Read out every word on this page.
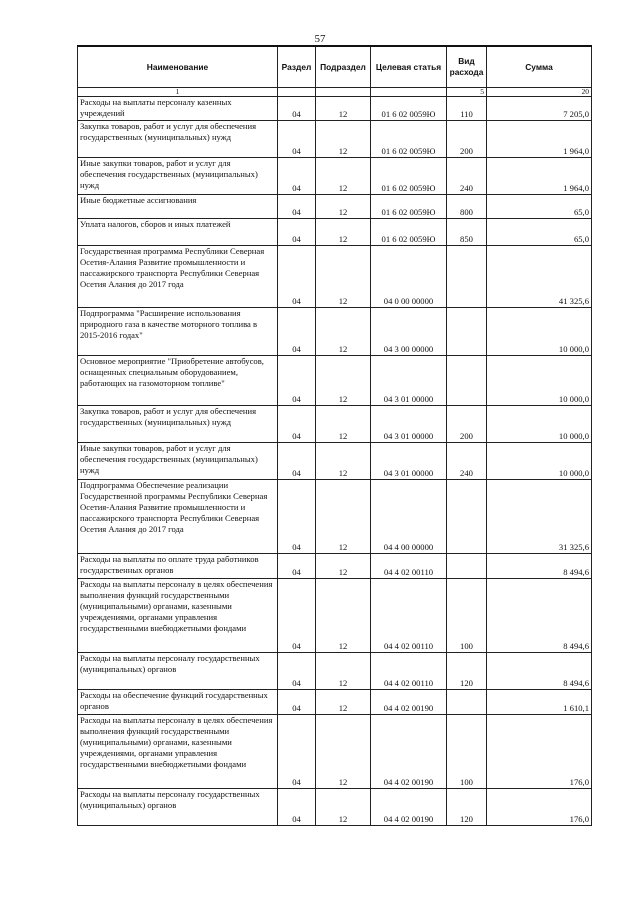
57
Наименование	Раздел	Подраздел	Целевая статья	Вид расхода	Сумма
1				5	20
Расходы на выплаты персоналу казенных учреждений	04	12	01 6 02 0059Ю	110	7 205,0
Закупка товаров, работ и услуг для обеспечения государственных (муниципальных) нужд	04	12	01 6 02 0059Ю	200	1 964,0
Иные закупки товаров, работ и услуг для обеспечения государственных (муниципальных) нужд	04	12	01 6 02 0059Ю	240	1 964,0
Иные бюджетные ассигнования	04	12	01 6 02 0059Ю	800	65,0
Уплата налогов, сборов и иных платежей	04	12	01 6 02 0059Ю	850	65,0
Государственная программа Республики Северная Осетия-Алания Развитие промышленности и пассажирского транспорта Республики Северная Осетия Алания до 2017 года	04	12	04 0 00 00000		41 325,6
Подпрограмма "Расширение использования природного газа в качестве моторного топлива в 2015-2016 годах"	04	12	04 3 00 00000		10 000,0
Основное мероприятие "Приобретение автобусов, оснащенных специальным оборудованием, работающих на газомоторном топливе"	04	12	04 3 01 00000		10 000,0
Закупка товаров, работ и услуг для обеспечения государственных (муниципальных) нужд	04	12	04 3 01 00000	200	10 000,0
Иные закупки товаров, работ и услуг для обеспечения государственных (муниципальных) нужд	04	12	04 3 01 00000	240	10 000,0
Подпрограмма Обеспечение реализации Государственной программы Республики Северная Осетия-Алания Развитие промышленности и пассажирского транспорта Республики Северная Осетия Алания до 2017 года	04	12	04 4 00 00000		31 325,6
Расходы на выплаты по оплате труда работников государственных органов	04	12	04 4 02 00110		8 494,6
Расходы на выплаты персоналу в целях обеспечения выполнения функций государственными (муниципальными) органами, казенными учреждениями, органами управления государственными внебюджетными фондами	04	12	04 4 02 00110	100	8 494,6
Расходы на выплаты персоналу государственных (муниципальных) органов	04	12	04 4 02 00110	120	8 494,6
Расходы на обеспечение функций государственных органов	04	12	04 4 02 00190		1 610,1
Расходы на выплаты персоналу в целях обеспечения выполнения функций государственными (муниципальными) органами, казенными учреждениями, органами управления государственными внебюджетными фондами	04	12	04 4 02 00190	100	176,0
Расходы на выплаты персоналу государственных (муниципальных) органов	04	12	04 4 02 00190	120	176,0
